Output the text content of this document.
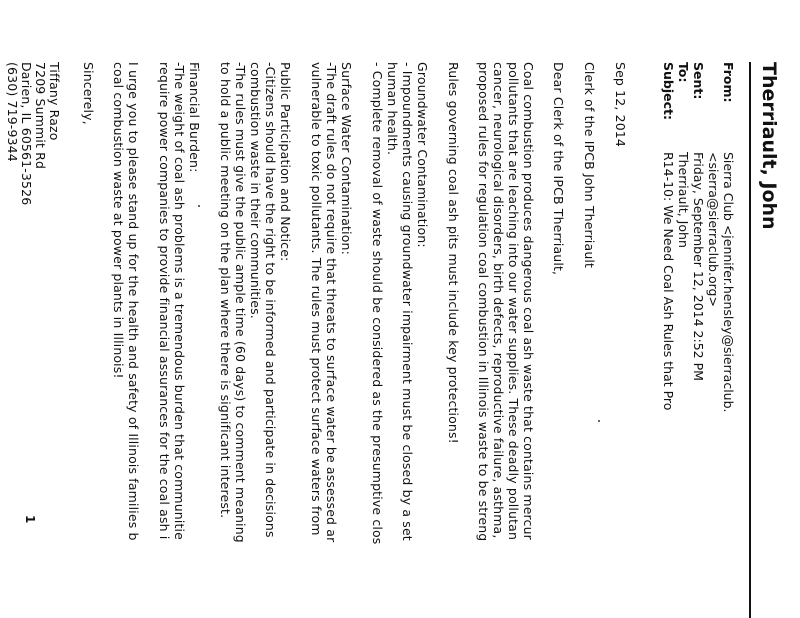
Therriault, John
From:
Sierra Club <jennifer.hensley@sierraclub.
<sierra@sierraclub.org>
Sent:
Friday, September 12, 2014 2:52 PM
To:
Therriault, John
Subject:
R14-10: We Need Coal Ash Rules that Pro
Sep 12, 2014
Clerk of the IPCB John Therriault
Dear Clerk of the IPCB Therriault,
Coal combustion produces dangerous coal ash waste that contains mercur
pollutants that are leaching into our water supplies. These deadly pollutan
cancer, neurological disorders, birth defects, reproductive failure, asthma,
proposed rules for regulation coal combustion in Illinois waste to be streng
Rules governing coal ash pits must include key protections!
Groundwater Contamination:
- Impoundments causing groundwater impairment must be closed by a set
human health.
- Complete removal of waste should be considered as the presumptive clos
Surface Water Contamination:
-The draft rules do not require that threats to surface water be assessed ar
vulnerable to toxic pollutants. The rules must protect surface waters from
Public Participation and Notice:
-Citizens should have the right to be informed and participate in decisions
combustion waste in their communities.
-The rules must give the public ample time (60 days) to comment meaning
to hold a public meeting on the plan where there is significant interest.
Financial Burden:
-The weight of coal ash problems is a tremendous burden that communitie
require power companies to provide financial assurances for the coal ash i
I urge you to please stand up for the health and safety of Illinois families b
coal combustion waste at power plants in Illinois!
Sincerely,
Tiffany Razo
7209 Summit Rd
Darien, IL 60561-3526
(630) 719-9344
1
